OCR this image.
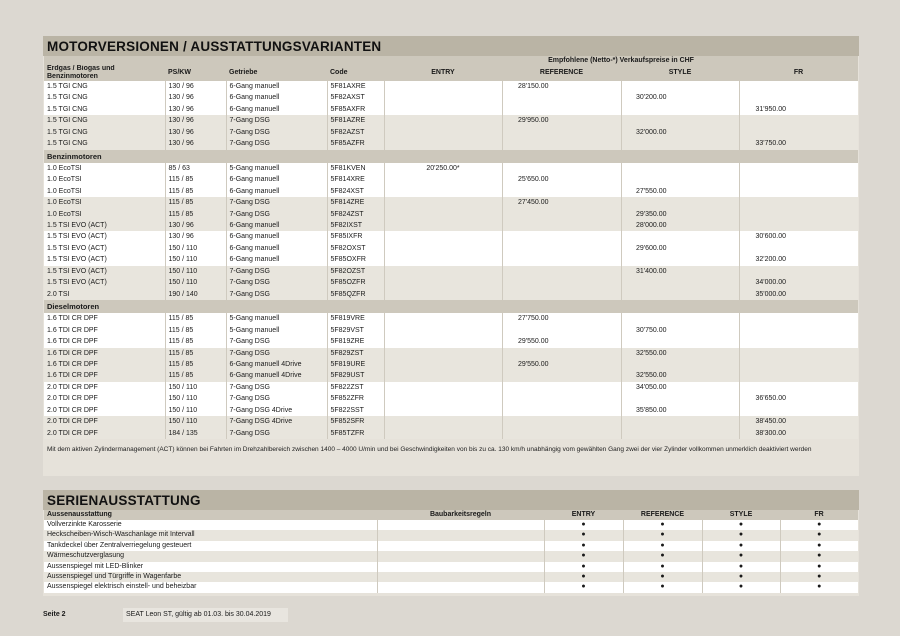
MOTORVERSIONEN / AUSSTATTUNGSVARIANTEN
				Empfohlene (Netto-*) Verkaufspreise in CHF			
Erdgas / Biogas und Benzinmotoren	PS/KW	Getriebe	Code	ENTRY	REFERENCE	STYLE	FR
1.5 TGI CNG	130 / 96	6-Gang manuell	5F81AXRE		28'150.00		
1.5 TGI CNG	130 / 96	6-Gang manuell	5F82AXST			30'200.00	
1.5 TGI CNG	130 / 96	6-Gang manuell	5F85AXFR				31'950.00
1.5 TGI CNG	130 / 96	7-Gang DSG	5F81AZRE		29'950.00		
1.5 TGI CNG	130 / 96	7-Gang DSG	5F82AZST			32'000.00	
1.5 TGI CNG	130 / 96	7-Gang DSG	5F85AZFR				33'750.00
Benzinmotoren							
1.0 EcoTSI	85 / 63	5-Gang manuell	5F81KVEN	20'250.00*			
1.0 EcoTSI	115 / 85	6-Gang manuell	5F814XRE		25'650.00		
1.0 EcoTSI	115 / 85	6-Gang manuell	5F824XST			27'550.00	
1.0 EcoTSI	115 / 85	7-Gang DSG	5F814ZRE		27'450.00		
1.0 EcoTSI	115 / 85	7-Gang DSG	5F824ZST			29'350.00	
1.5 TSI EVO (ACT)	130 / 96	6-Gang manuell	5F82IXST			28'000.00	
1.5 TSI EVO (ACT)	130 / 96	6-Gang manuell	5F85IXFR				30'600.00
1.5 TSI EVO (ACT)	150 / 110	6-Gang manuell	5F82OXST			29'600.00	
1.5 TSI EVO (ACT)	150 / 110	6-Gang manuell	5F85OXFR				32'200.00
1.5 TSI EVO (ACT)	150 / 110	7-Gang DSG	5F82OZST			31'400.00	
1.5 TSI EVO (ACT)	150 / 110	7-Gang DSG	5F85OZFR				34'000.00
2.0 TSI	190 / 140	7-Gang DSG	5F85QZFR				35'000.00
Dieselmotoren							
1.6 TDI CR DPF	115 / 85	5-Gang manuell	5F819VRE		27'750.00		
1.6 TDI CR DPF	115 / 85	5-Gang manuell	5F829VST			30'750.00	
1.6 TDI CR DPF	115 / 85	7-Gang DSG	5F819ZRE		29'550.00		
1.6 TDI CR DPF	115 / 85	7-Gang DSG	5F829ZST			32'550.00	
1.6 TDI CR DPF	115 / 85	6-Gang manuell 4Drive	5F819URE		29'550.00		
1.6 TDI CR DPF	115 / 85	6-Gang manuell 4Drive	5F829UST			32'550.00	
2.0 TDI CR DPF	150 / 110	7-Gang DSG	5F822ZST			34'050.00	
2.0 TDI CR DPF	150 / 110	7-Gang DSG	5F852ZFR				36'650.00
2.0 TDI CR DPF	150 / 110	7-Gang DSG 4Drive	5F822SST			35'850.00	
2.0 TDI CR DPF	150 / 110	7-Gang DSG 4Drive	5F852SFR				38'450.00
2.0 TDI CR DPF	184 / 135	7-Gang DSG	5F85TZFR				38'300.00
Mit dem aktiven Zylindermanagement (ACT) können bei Fahrten im Drehzahlbereich zwischen 1400 – 4000 U/min und bei Geschwindigkeiten von bis zu ca. 130 km/h unabhängig vom gewählten Gang zwei der vier Zylinder vollkommen unmerklich deaktiviert werden
SERIENAUSSTATTUNG
Aussenausstattung	Baubarkeitsregeln	ENTRY	REFERENCE	STYLE	FR
Vollverzinkte Karosserie		●	●	●	●
Heckscheiben-Wisch-Waschanlage mit Intervall		●	●	●	●
Tankdeckel über Zentralverriegelung gesteuert		●	●	●	●
Wärmeschutzverglasung		●	●	●	●
Aussenspiegel mit LED-Blinker		●	●	●	●
Aussenspiegel und Türgriffe in Wagenfarbe		●	●	●	●
Aussenspiegel elektrisch einstell- und beheizbar		●	●	●	●
Seite 2	SEAT Leon ST, gültig ab 01.03. bis 30.04.2019
